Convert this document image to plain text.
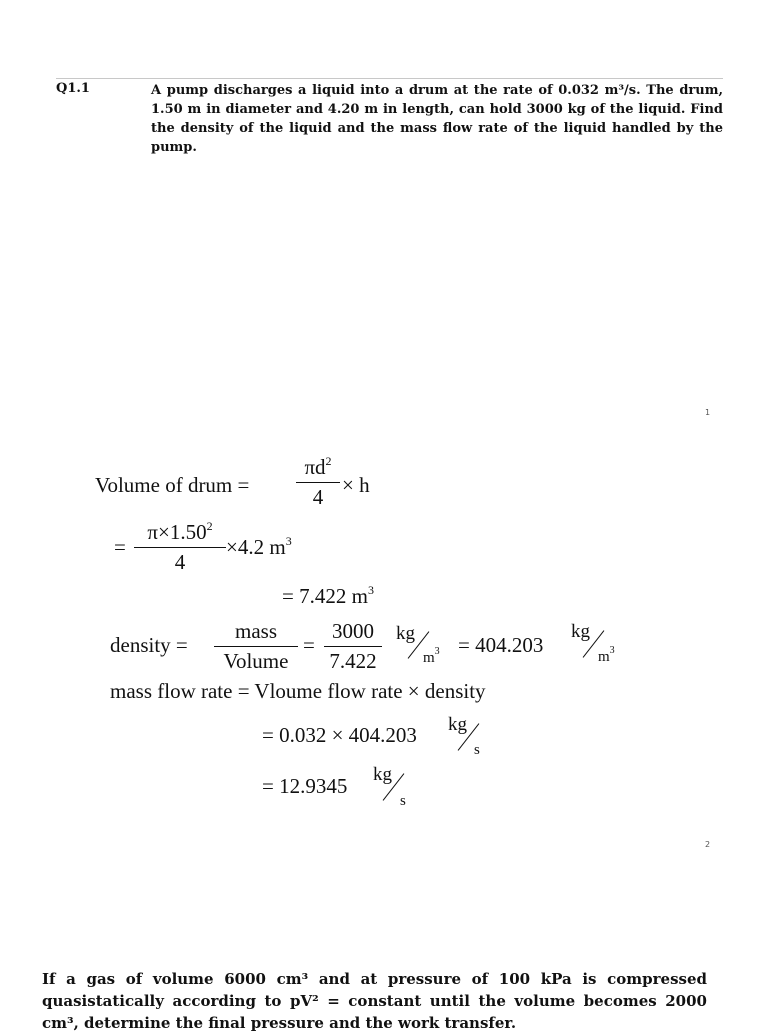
Q1.1	A pump discharges a liquid into a drum at the rate of 0.032 m³/s. The drum, 1.50 m in diameter and 4.20 m in length, can hold 3000 kg of the liquid. Find the density of the liquid and the mass flow rate of the liquid handled by the pump.

1
Volume of drum =
$\pi d^2$
4 × h
=
$\pi\times 1.50^2$
4
×4.2 $m^3$
= 7.422 $m^3$
density =
mass
Volume
=
3000
7.422
kg
$m^3 = 404.203$
kg
$m^3$
mass flow rate = Vloume flow rate × density
= 0.032 × 404.203 kg
s
= 12.9345 kg
s
2

If a gas of volume 6000 cm³ and at pressure of 100 kPa is compressed quasistatically according to pV² = constant until the volume becomes 2000 cm³, determine the final pressure and the work transfer.
